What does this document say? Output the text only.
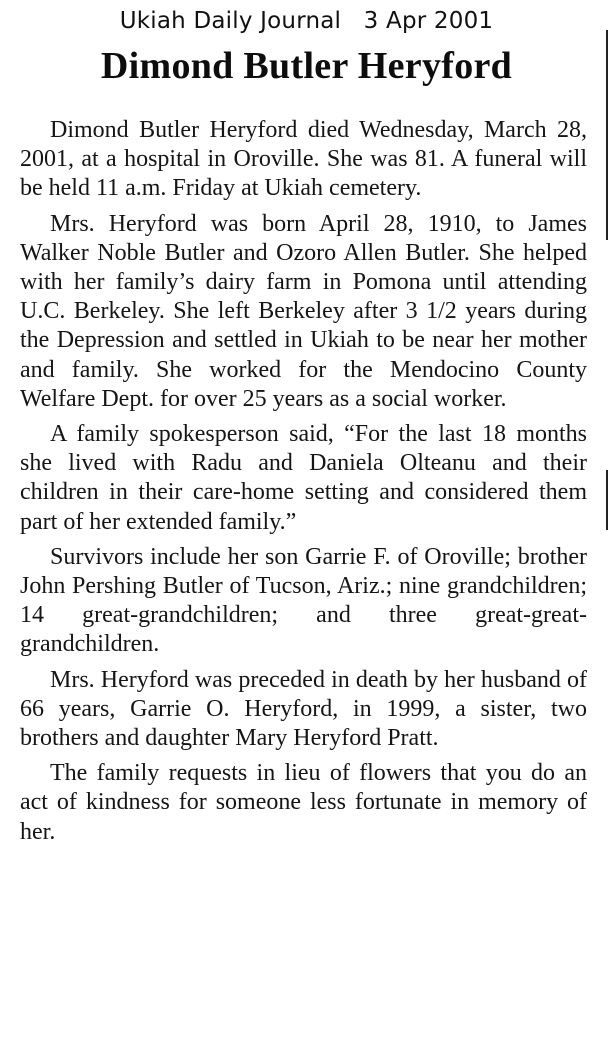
Ukiah Daily Journal 3 Apr 2001
Dimond Butler Heryford

Dimond Butler Heryford died Wednesday, March 28, 2001, at a hospital in Oroville. She was 81. A funeral will be held 11 a.m. Friday at Ukiah cemetery.

Mrs. Heryford was born April 28, 1910, to James Walker Noble Butler and Ozoro Allen Butler. She helped with her family’s dairy farm in Pomona until attending U.C. Berkeley. She left Berkeley after 3 1/2 years during the Depression and settled in Ukiah to be near her mother and family. She worked for the Mendocino County Welfare Dept. for over 25 years as a social worker.

A family spokesperson said, “For the last 18 months she lived with Radu and Daniela Olteanu and their children in their care-home setting and considered them part of her extended family.”

Survivors include her son Garrie F. of Oroville; brother John Pershing Butler of Tucson, Ariz.; nine grandchildren; 14 great-grandchildren; and three great-great-grandchildren.

Mrs. Heryford was preceded in death by her husband of 66 years, Garrie O. Heryford, in 1999, a sister, two brothers and daughter Mary Heryford Pratt.

The family requests in lieu of flowers that you do an act of kindness for someone less fortunate in memory of her.
